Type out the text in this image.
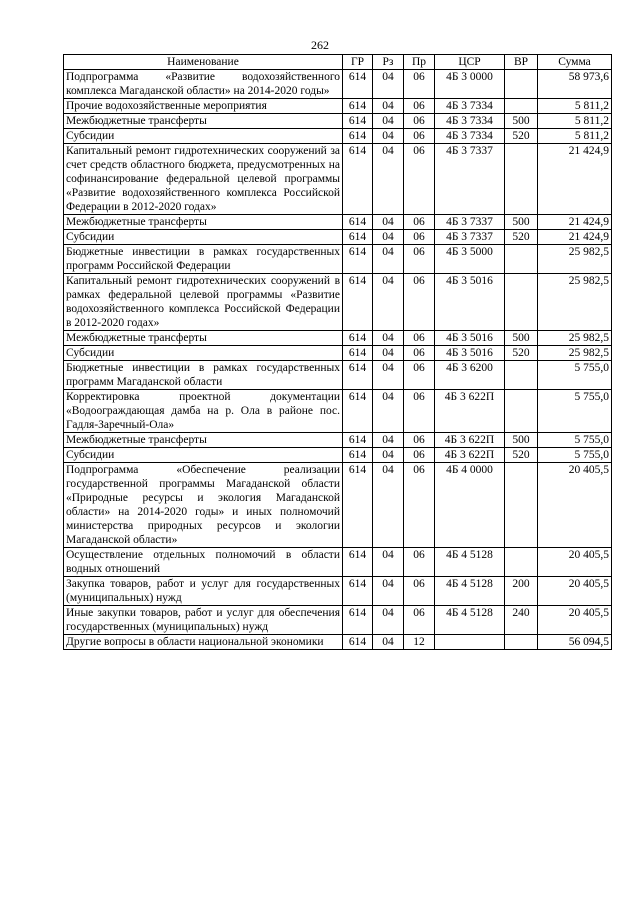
262
Наименование	ГР	Рз	Пр	ЦСР	ВР	Сумма
Подпрограмма «Развитие водохозяйственного комплекса Магаданской области» на 2014-2020 годы»	614	04	06	4Б 3 0000		58 973,6
Прочие водохозяйственные мероприятия	614	04	06	4Б 3 7334		5 811,2
Межбюджетные трансферты	614	04	06	4Б 3 7334	500	5 811,2
Субсидии	614	04	06	4Б 3 7334	520	5 811,2
Капитальный ремонт гидротехнических сооружений за счет средств областного бюджета, предусмотренных на софинансирование федеральной целевой программы «Развитие водохозяйственного комплекса Российской Федерации в 2012-2020 годах»	614	04	06	4Б 3 7337		21 424,9
Межбюджетные трансферты	614	04	06	4Б 3 7337	500	21 424,9
Субсидии	614	04	06	4Б 3 7337	520	21 424,9
Бюджетные инвестиции в рамках государственных программ Российской Федерации	614	04	06	4Б 3 5000		25 982,5
Капитальный ремонт гидротехнических сооружений в рамках федеральной целевой программы «Развитие водохозяйственного комплекса Российской Федерации в 2012-2020 годах»	614	04	06	4Б 3 5016		25 982,5
Межбюджетные трансферты	614	04	06	4Б 3 5016	500	25 982,5
Субсидии	614	04	06	4Б 3 5016	520	25 982,5
Бюджетные инвестиции в рамках государственных программ Магаданской области	614	04	06	4Б 3 6200		5 755,0
Корректировка проектной документации «Водоограждающая дамба на р. Ола в районе пос. Гадля-Заречный-Ола»	614	04	06	4Б 3 622П		5 755,0
Межбюджетные трансферты	614	04	06	4Б 3 622П	500	5 755,0
Субсидии	614	04	06	4Б 3 622П	520	5 755,0
Подпрограмма «Обеспечение реализации государственной программы Магаданской области «Природные ресурсы и экология Магаданской области» на 2014-2020 годы» и иных полномочий министерства природных ресурсов и экологии Магаданской области»	614	04	06	4Б 4 0000		20 405,5
Осуществление отдельных полномочий в области водных отношений	614	04	06	4Б 4 5128		20 405,5
Закупка товаров, работ и услуг для государственных (муниципальных) нужд	614	04	06	4Б 4 5128	200	20 405,5
Иные закупки товаров, работ и услуг для обеспечения государственных (муниципальных) нужд	614	04	06	4Б 4 5128	240	20 405,5
Другие вопросы в области национальной экономики	614	04	12			56 094,5
